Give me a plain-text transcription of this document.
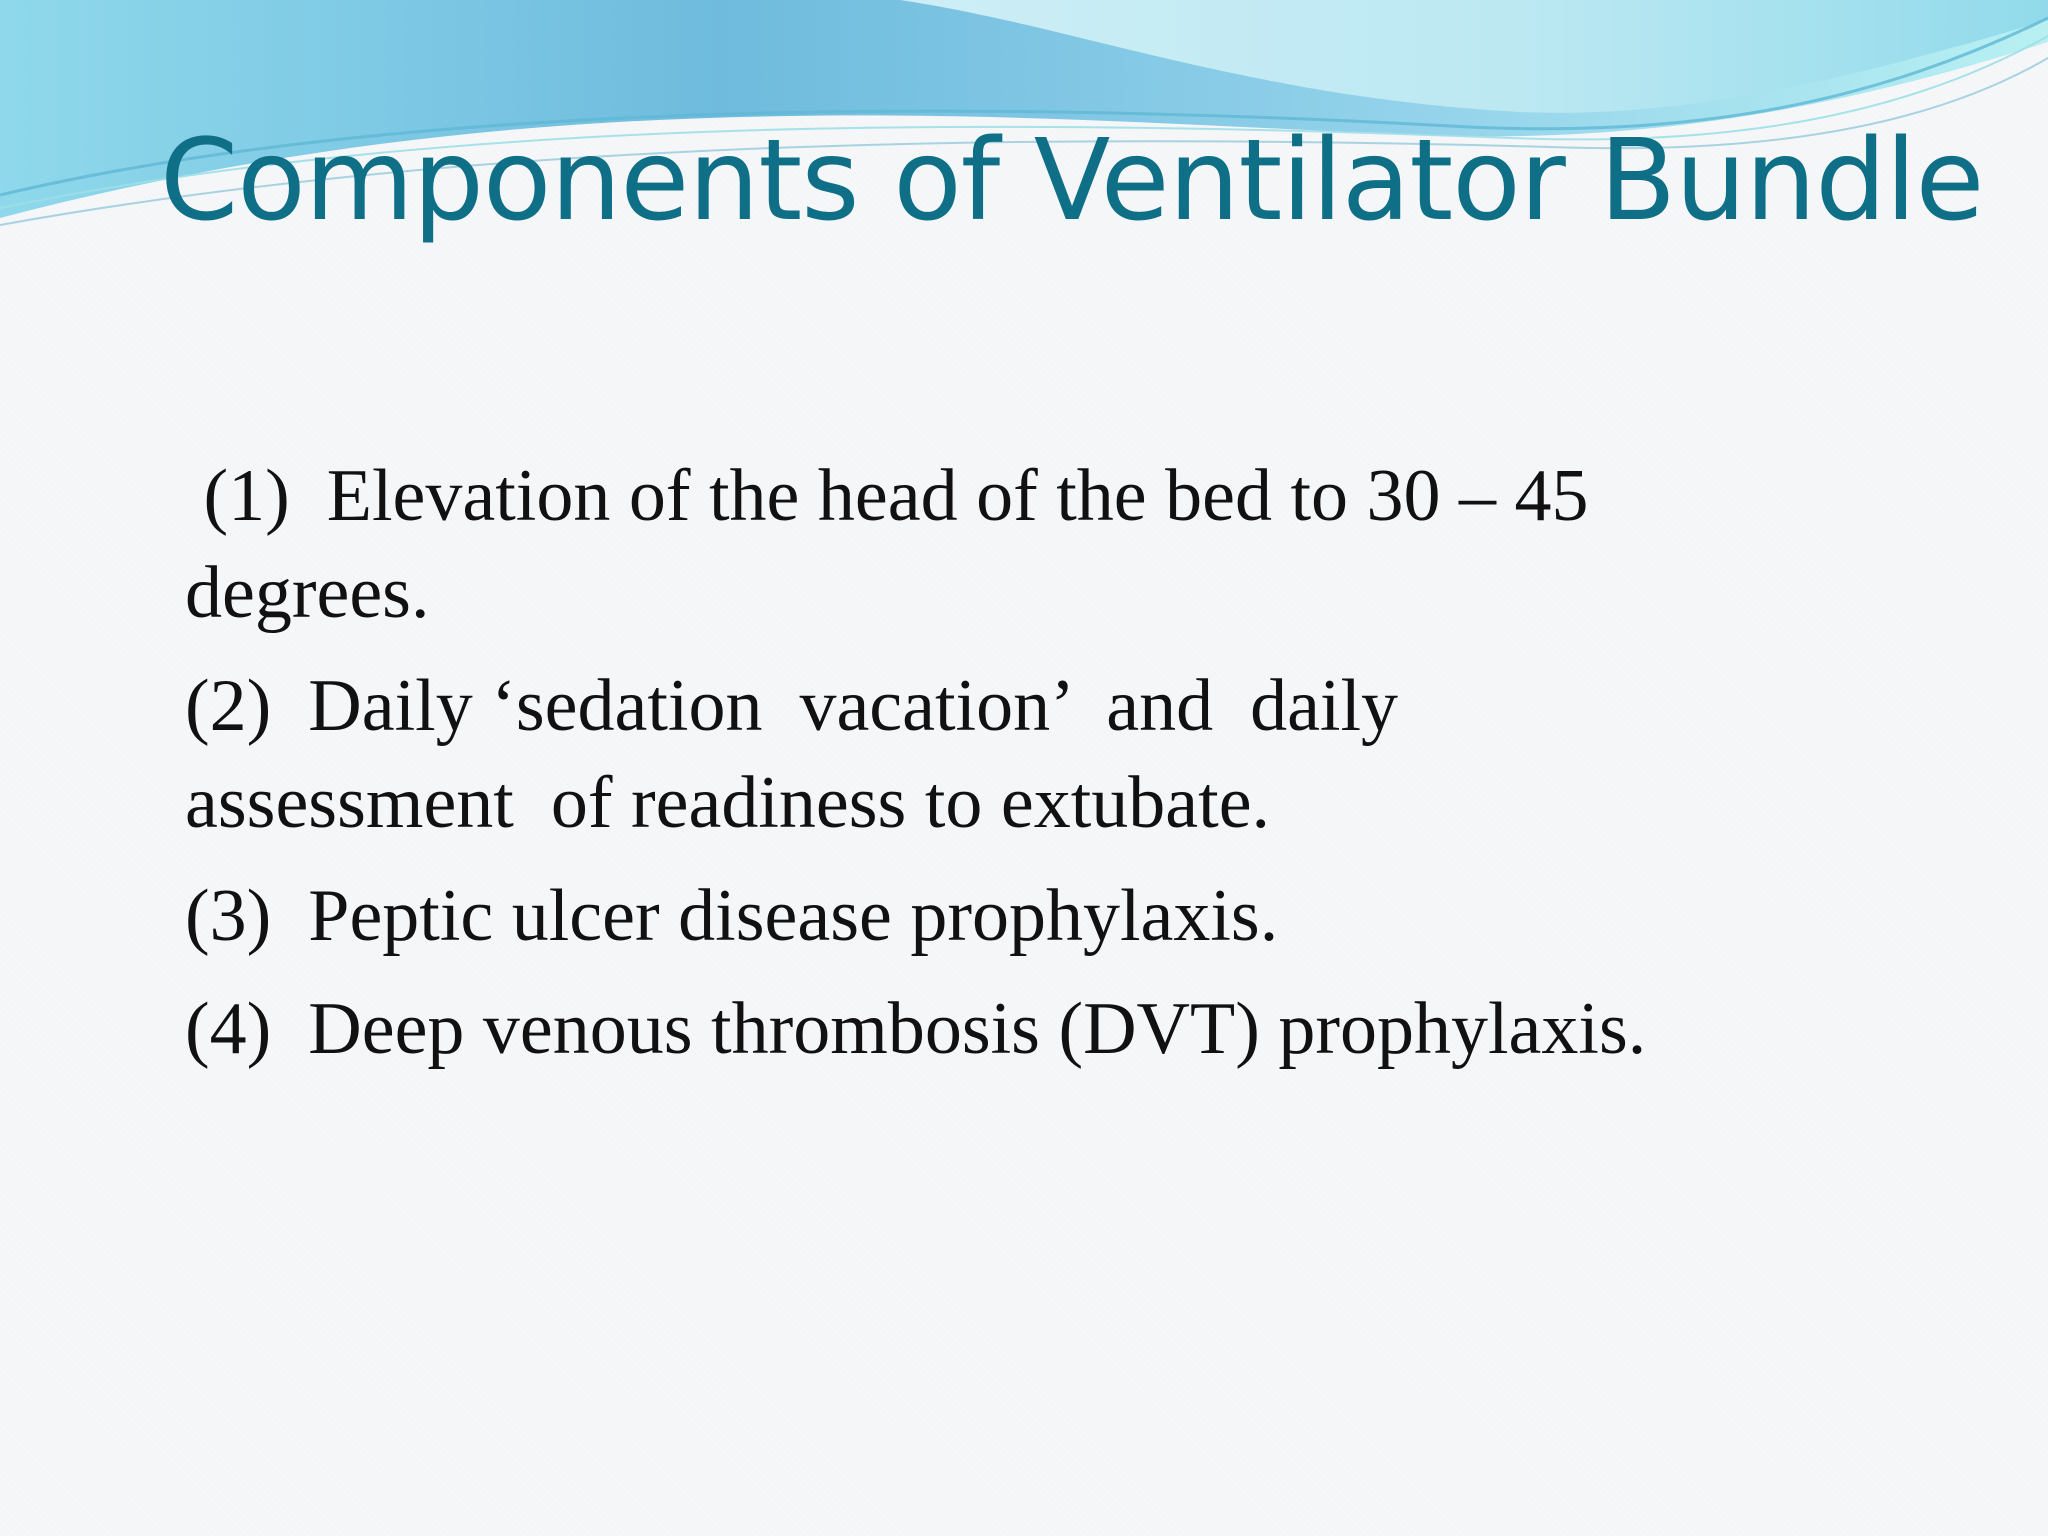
Components of Ventilator Bundle
(1)  Elevation of the head of the bed to 30 – 45
degrees.
(2)  Daily ‘sedation  vacation’  and  daily
assessment  of readiness to extubate.
(3)  Peptic ulcer disease prophylaxis.
(4)  Deep venous thrombosis (DVT) prophylaxis.
